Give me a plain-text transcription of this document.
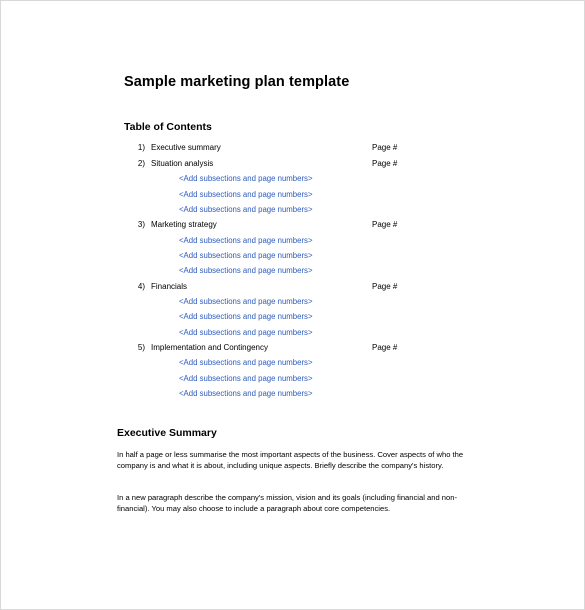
Sample marketing plan template
Table of Contents
1) Executive summary	Page #
2) Situation analysis	Page #
<Add subsections and page numbers>
<Add subsections and page numbers>
<Add subsections and page numbers>
3) Marketing strategy	Page #
<Add subsections and page numbers>
<Add subsections and page numbers>
<Add subsections and page numbers>
4) Financials	Page #
<Add subsections and page numbers>
<Add subsections and page numbers>
<Add subsections and page numbers>
5) Implementation and Contingency	Page #
<Add subsections and page numbers>
<Add subsections and page numbers>
<Add subsections and page numbers>
Executive Summary

In half a page or less summarise the most important aspects of the business. Cover aspects of who the company is and what it is about, including unique aspects. Briefly describe the company's history.

In a new paragraph describe the company's mission, vision and its goals (including financial and non-financial). You may also choose to include a paragraph about core competencies.
